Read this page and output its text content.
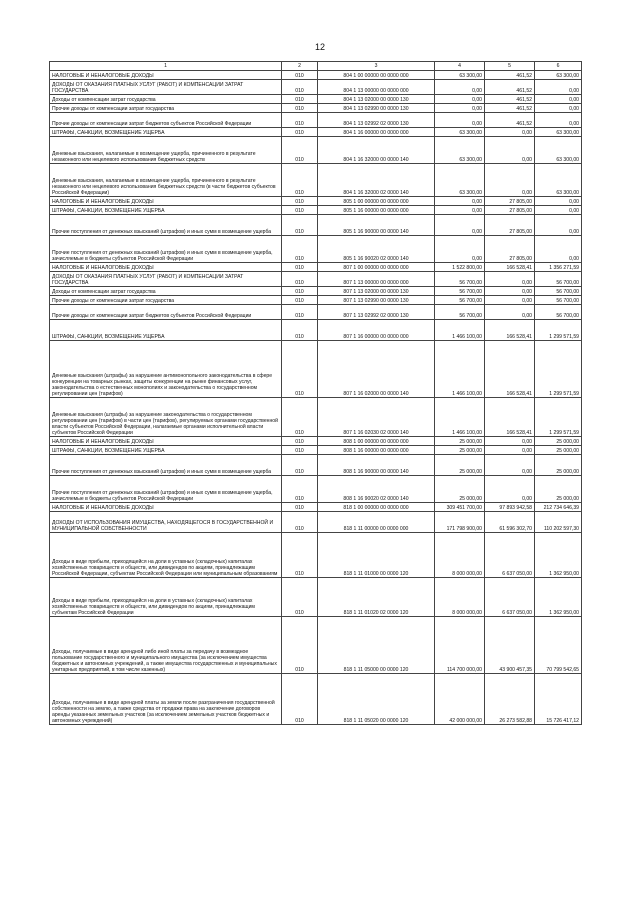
12
1	2	3	4	5	6
НАЛОГОВЫЕ И НЕНАЛОГОВЫЕ ДОХОДЫ	010	804 1 00 00000 00 0000 000	63 300,00	461,52	63 300,00
ДОХОДЫ ОТ ОКАЗАНИЯ ПЛАТНЫХ УСЛУГ (РАБОТ) И КОМПЕНСАЦИИ ЗАТРАТ ГОСУДАРСТВА	010	804 1 13 00000 00 0000 000	0,00	461,52	0,00
Доходы от компенсации затрат государства	010	804 1 13 02000 00 0000 130	0,00	461,52	0,00
Прочие доходы от компенсации затрат государства	010	804 1 13 02990 00 0000 130	0,00	461,52	0,00
Прочие доходы от компенсации затрат бюджетов субъектов Российской Федерации	010	804 1 13 02992 02 0000 130	0,00	461,52	0,00
ШТРАФЫ, САНКЦИИ, ВОЗМЕЩЕНИЕ УЩЕРБА	010	804 1 16 00000 00 0000 000	63 300,00	0,00	63 300,00
Денежные взыскания, налагаемые в возмещение ущерба, причиненного в результате незаконного или нецелевого использования бюджетных средств	010	804 1 16 32000 00 0000 140	63 300,00	0,00	63 300,00
Денежные взыскания, налагаемые в возмещение ущерба, причиненного в результате незаконного или нецелевого использования бюджетных средств (в части бюджетов субъектов Российской Федерации)	010	804 1 16 32000 02 0000 140	63 300,00	0,00	63 300,00
НАЛОГОВЫЕ И НЕНАЛОГОВЫЕ ДОХОДЫ	010	805 1 00 00000 00 0000 000	0,00	27 805,00	0,00
ШТРАФЫ, САНКЦИИ, ВОЗМЕЩЕНИЕ УЩЕРБА	010	805 1 16 00000 00 0000 000	0,00	27 805,00	0,00
Прочие поступления от денежных взысканий (штрафов) и иных сумм в возмещение ущерба	010	805 1 16 90000 00 0000 140	0,00	27 805,00	0,00
Прочие поступления от денежных взысканий (штрафов) и иных сумм в возмещение ущерба, зачисляемые в бюджеты субъектов Российской Федерации	010	805 1 16 90020 02 0000 140	0,00	27 805,00	0,00
НАЛОГОВЫЕ И НЕНАЛОГОВЫЕ ДОХОДЫ	010	807 1 00 00000 00 0000 000	1 522 800,00	166 528,41	1 356 271,59
ДОХОДЫ ОТ ОКАЗАНИЯ ПЛАТНЫХ УСЛУГ (РАБОТ) И КОМПЕНСАЦИИ ЗАТРАТ ГОСУДАРСТВА	010	807 1 13 00000 00 0000 000	56 700,00	0,00	56 700,00
Доходы от компенсации затрат государства	010	807 1 13 02000 00 0000 130	56 700,00	0,00	56 700,00
Прочие доходы от компенсации затрат государства	010	807 1 13 02990 00 0000 130	56 700,00	0,00	56 700,00
Прочие доходы от компенсации затрат бюджетов субъектов Российской Федерации	010	807 1 13 02992 02 0000 130	56 700,00	0,00	56 700,00
ШТРАФЫ, САНКЦИИ, ВОЗМЕЩЕНИЕ УЩЕРБА	010	807 1 16 00000 00 0000 000	1 466 100,00	166 528,41	1 299 571,59
Денежные взыскания (штрафы) за нарушение антимонопольного законодательства в сфере конкуренции на товарных рынках, защиты конкуренции на рынке финансовых услуг, законодательства о естественных монополиях и законодательства о государственном регулировании цен (тарифов)	010	807 1 16 02000 00 0000 140	1 466 100,00	166 528,41	1 299 571,59
Денежные взыскания (штрафы) за нарушение законодательства о государственном регулировании цен (тарифов) в части цен (тарифов), регулируемых органами государственной власти субъектов Российской Федерации, налагаемые органами исполнительной власти субъектов Российской Федерации	010	807 1 16 02030 02 0000 140	1 466 100,00	166 528,41	1 299 571,59
НАЛОГОВЫЕ И НЕНАЛОГОВЫЕ ДОХОДЫ	010	808 1 00 00000 00 0000 000	25 000,00	0,00	25 000,00
ШТРАФЫ, САНКЦИИ, ВОЗМЕЩЕНИЕ УЩЕРБА	010	808 1 16 00000 00 0000 000	25 000,00	0,00	25 000,00
Прочие поступления от денежных взысканий (штрафов) и иных сумм в возмещение ущерба	010	808 1 16 90000 00 0000 140	25 000,00	0,00	25 000,00
Прочие поступления от денежных взысканий (штрафов) и иных сумм в возмещение ущерба, зачисляемые в бюджеты субъектов Российской Федерации	010	808 1 16 90020 02 0000 140	25 000,00	0,00	25 000,00
НАЛОГОВЫЕ И НЕНАЛОГОВЫЕ ДОХОДЫ	010	818 1 00 00000 00 0000 000	309 451 700,00	97 893 942,58	212 734 646,39
ДОХОДЫ ОТ ИСПОЛЬЗОВАНИЯ ИМУЩЕСТВА, НАХОДЯЩЕГОСЯ В ГОСУДАРСТВЕННОЙ И МУНИЦИПАЛЬНОЙ СОБСТВЕННОСТИ	010	818 1 11 00000 00 0000 000	171 798 900,00	61 596 302,70	110 202 597,30
Доходы в виде прибыли, приходящейся на доли в уставных (складочных) капиталах хозяйственных товариществ и обществ, или дивидендов по акциям, принадлежащим Российской Федерации, субъектам Российской Федерации или муниципальным образованиям	010	818 1 11 01000 00 0000 120	8 000 000,00	6 637 050,00	1 362 950,00
Доходы в виде прибыли, приходящейся на доли в уставных (складочных) капиталах хозяйственных товариществ и обществ, или дивидендов по акциям, принадлежащим субъектам Российской Федерации	010	818 1 11 01020 02 0000 120	8 000 000,00	6 637 050,00	1 362 950,00
Доходы, получаемые в виде арендной либо иной платы за передачу в возмездное пользование государственного и муниципального имущества (за исключением имущества бюджетных и автономных учреждений, а также имущества государственных и муниципальных унитарных предприятий, в том числе казенных)	010	818 1 11 05000 00 0000 120	114 700 000,00	43 900 457,35	70 799 542,65
Доходы, получаемые в виде арендной платы за земли после разграничения государственной собственности на землю, а также средства от продажи права на заключение договоров аренды указанных земельных участков (за исключением земельных участков бюджетных и автономных учреждений)	010	818 1 11 05020 00 0000 120	42 000 000,00	26 273 582,88	15 726 417,12
